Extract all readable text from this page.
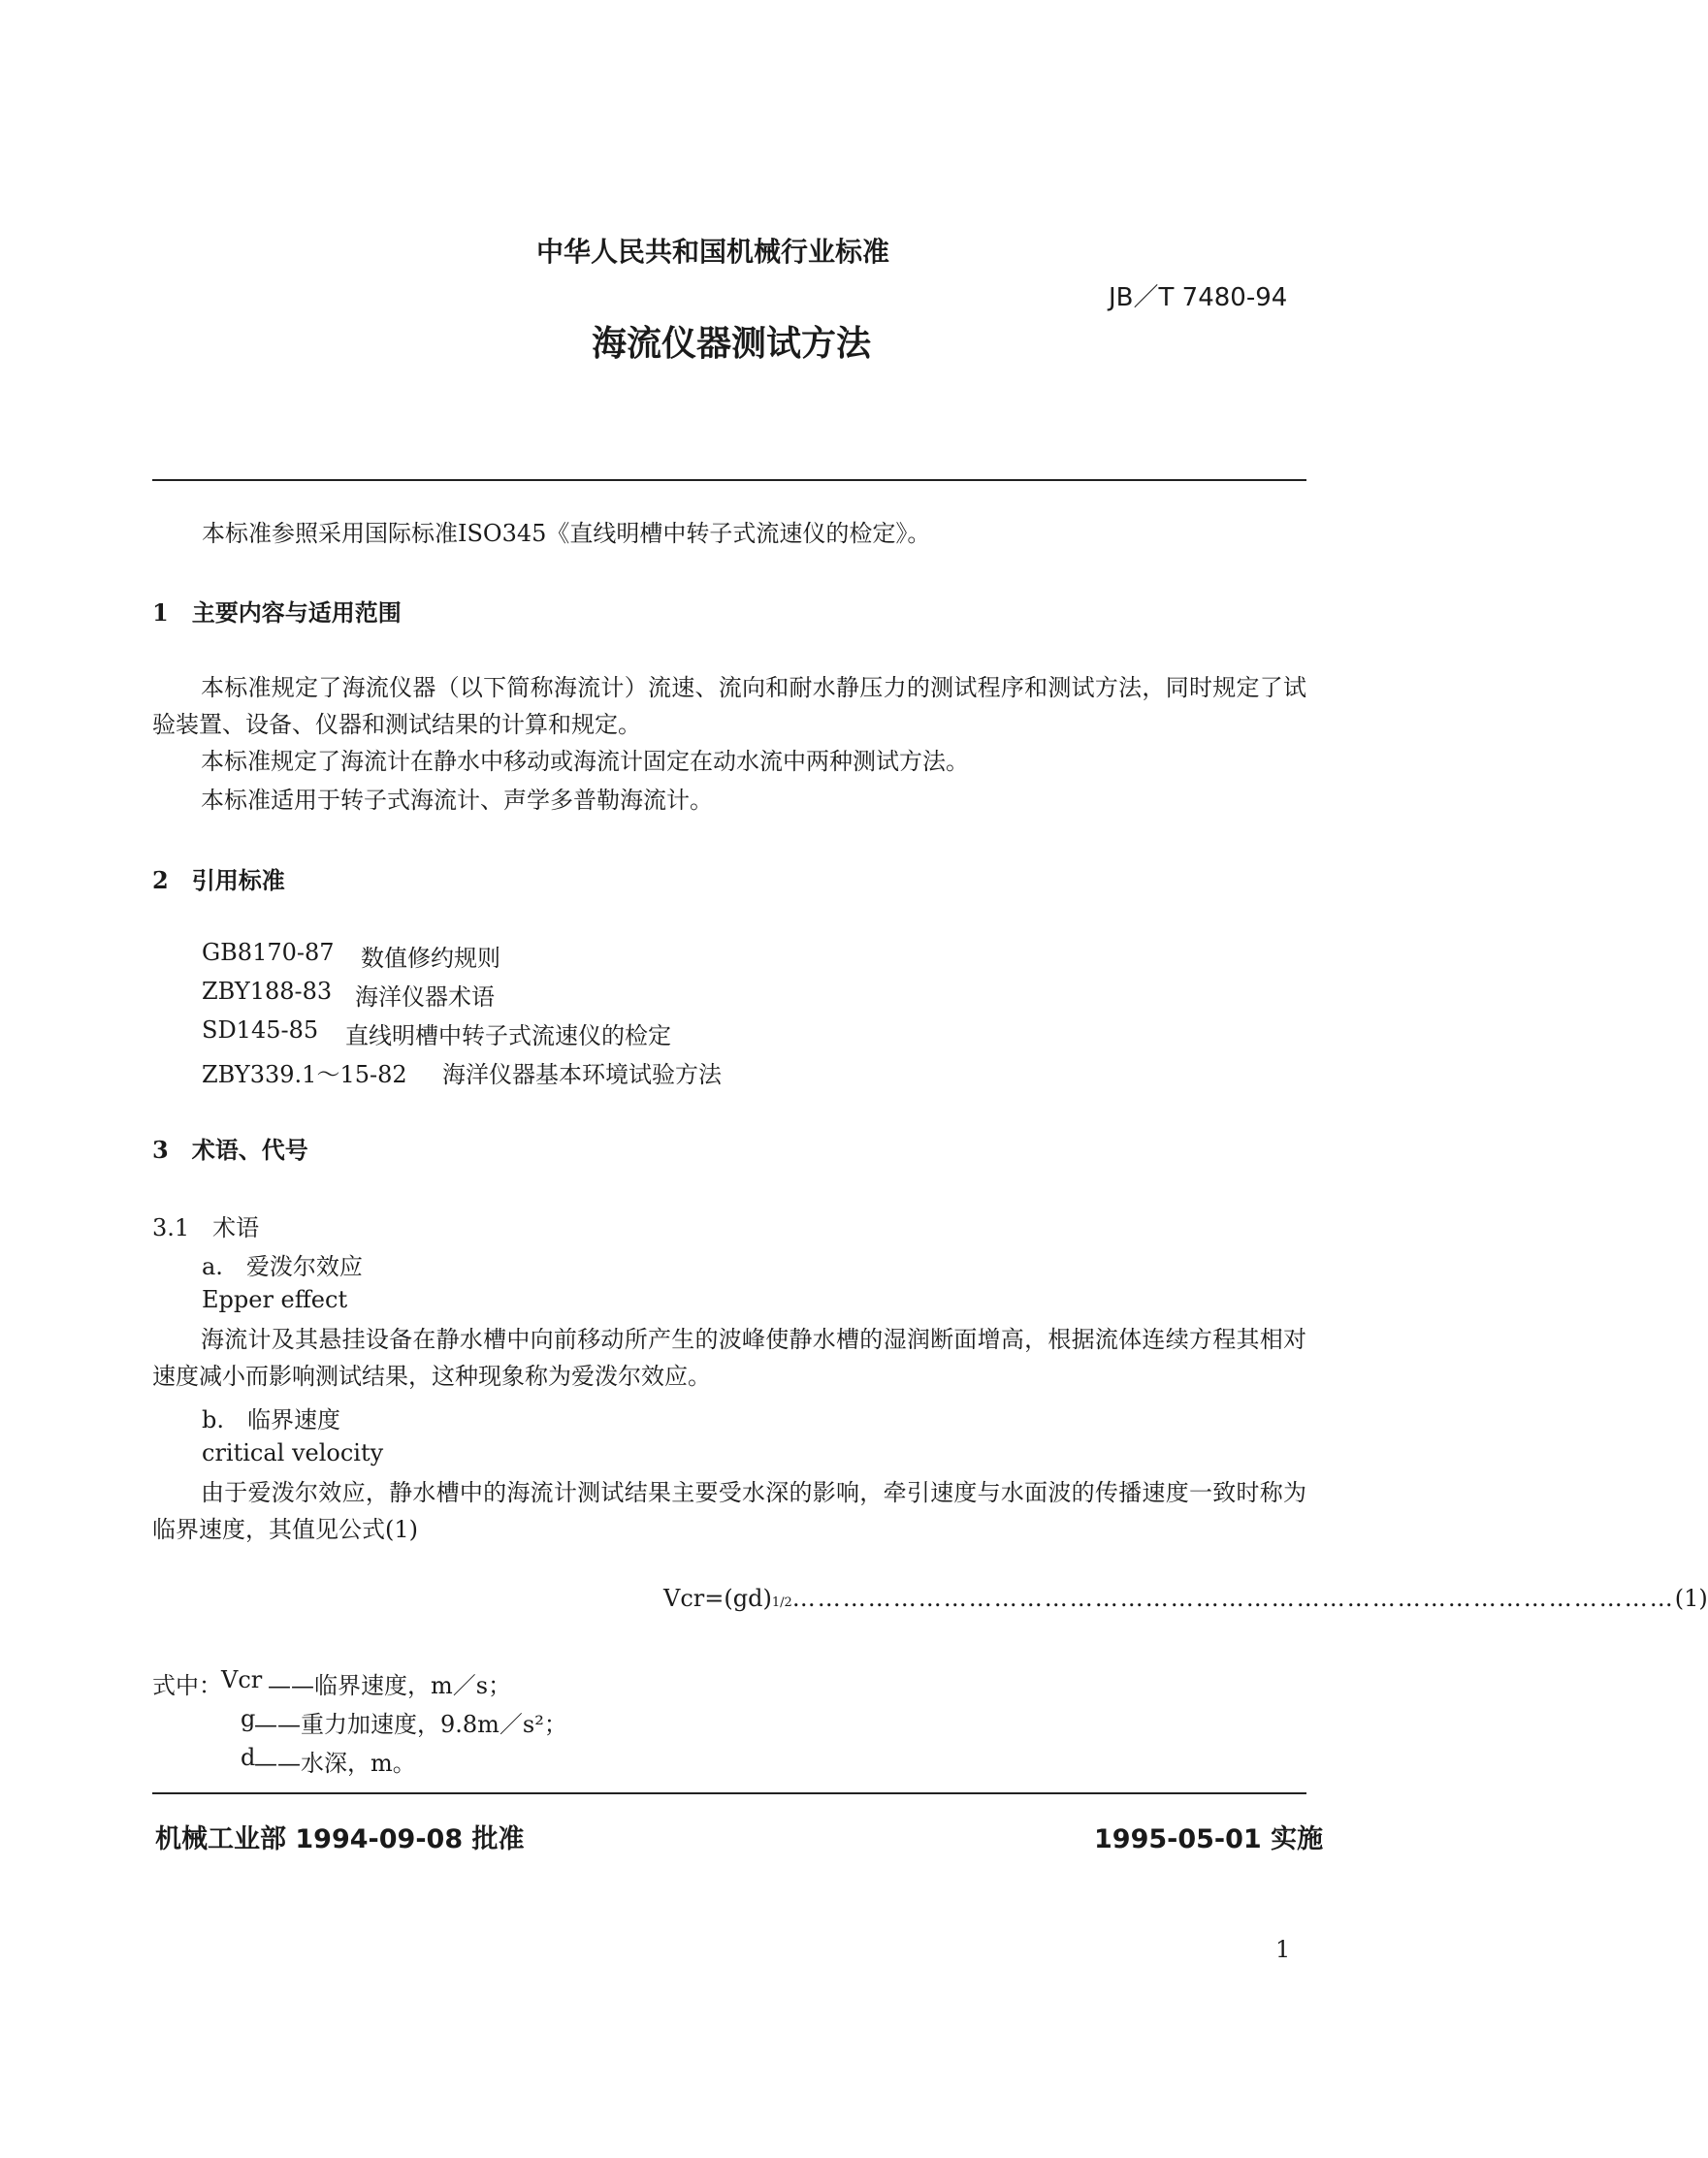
中华人民共和国机械行业标准
JB／T 7480-94
海流仪器测试方法
本标准参照采用国际标准ISO345《直线明槽中转子式流速仪的检定》。
1　主要内容与适用范围
本标准规定了海流仪器（以下简称海流计）流速、流向和耐水静压力的测试程序和测试方法，同时规定了试验装置、设备、仪器和测试结果的计算和规定。
本标准规定了海流计在静水中移动或海流计固定在动水流中两种测试方法。
本标准适用于转子式海流计、声学多普勒海流计。
2　引用标准
GB8170-87 数值修约规则
ZBY188-83 海洋仪器术语
SD145-85 直线明槽中转子式流速仪的检定
ZBY339.1～15-82 海洋仪器基本环境试验方法
3　术语、代号
3.1　术语
a.　爱泼尔效应
Epper effect
海流计及其悬挂设备在静水槽中向前移动所产生的波峰使静水槽的湿润断面增高，根据流体连续方程其相对速度减小而影响测试结果，这种现象称为爱泼尔效应。
b.　临界速度
critical velocity
由于爱泼尔效应，静水槽中的海流计测试结果主要受水深的影响，牵引速度与水面波的传播速度一致时称为临界速度，其值见公式(1)
Vcr=(gd) 1/2 …………………………………………………………………………………………… (1)
式中： Vcr ——临界速度，m／s；
g
——重力加速度，9.8m／s²；
d
——水深，m。
机械工业部 1994-09-08 批准	1995-05-01 实施
1
